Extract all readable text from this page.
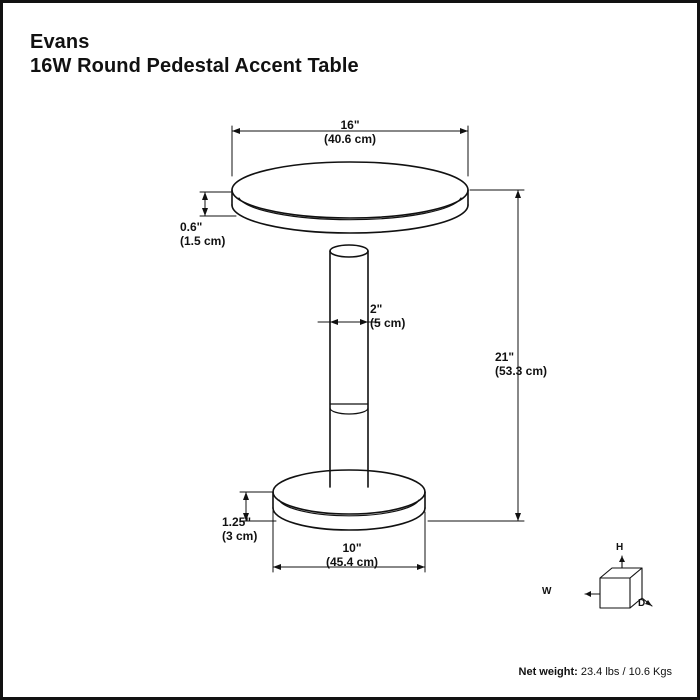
Evans
16W Round Pedestal Accent Table
16"
(40.6 cm)
0.6"
(1.5 cm)
2"
(5 cm)
21"
(53.3 cm)
1.25"
(3 cm)
10"
(45.4 cm)
H
W
D
Net weight: 23.4 lbs / 10.6 Kgs
